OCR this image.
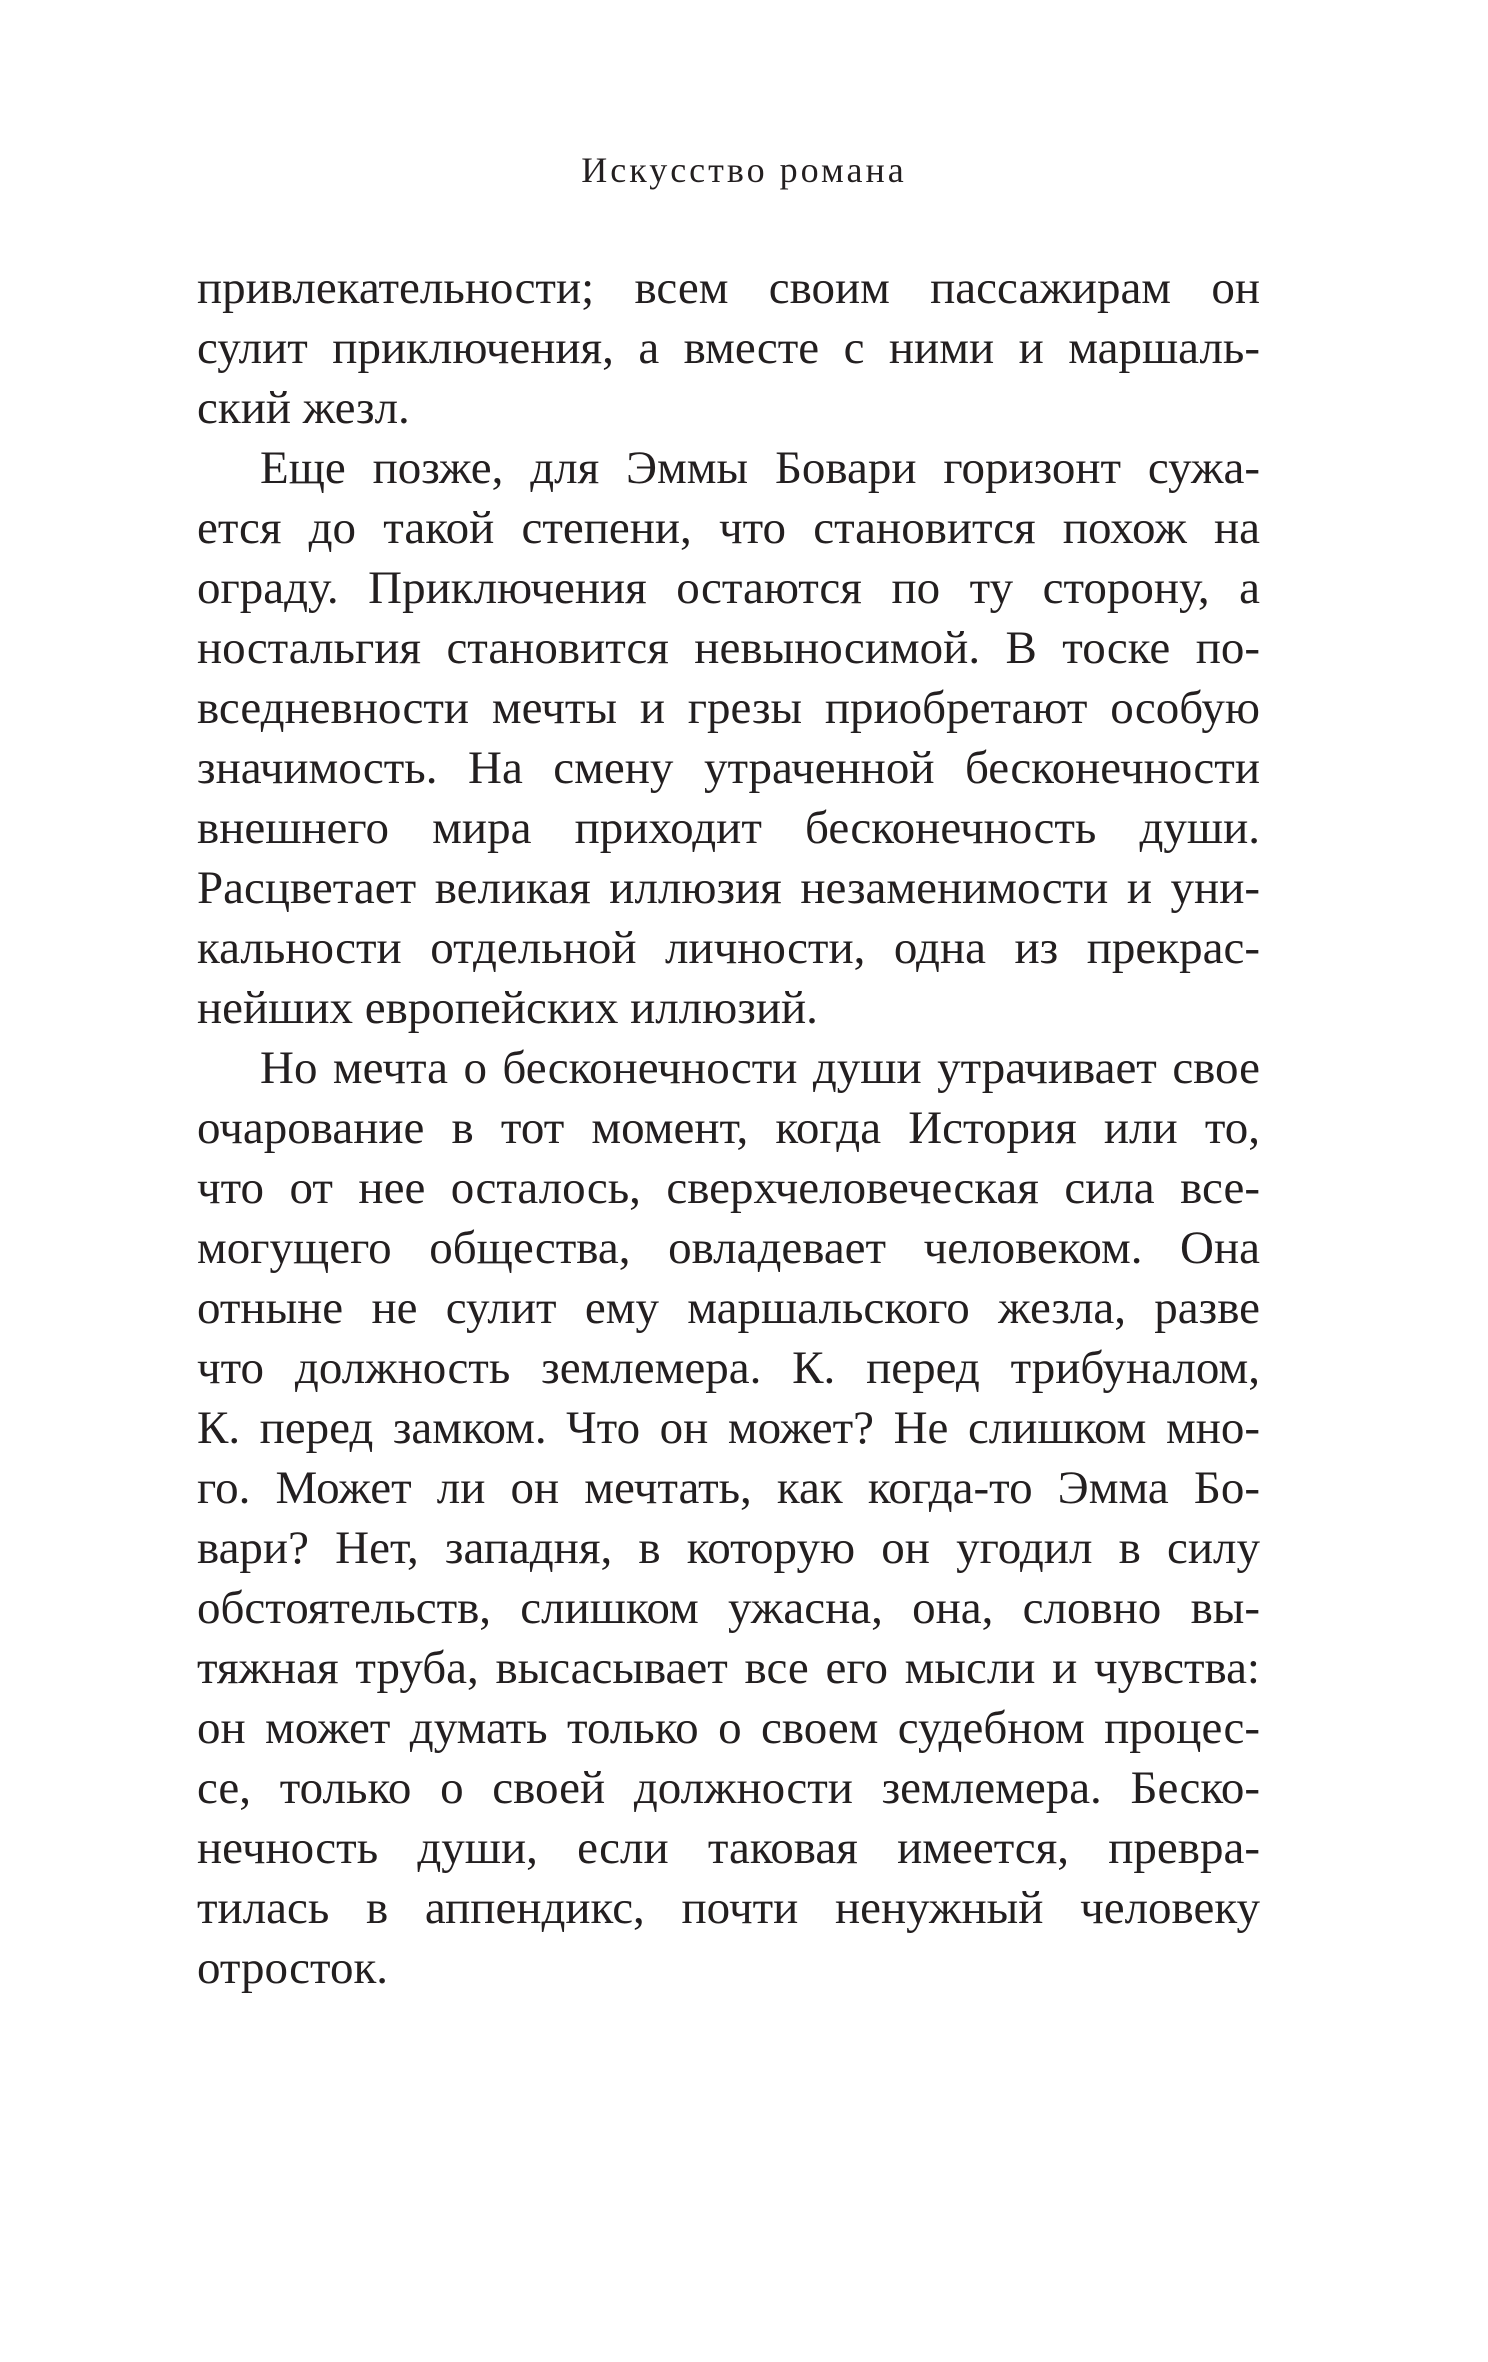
Искусство романа
привлекательности; всем своим пассажирам он
сулит приключения, а вместе с ними и маршаль-
ский жезл.
Еще позже, для Эммы Бовари горизонт сужа-
ется до такой степени, что становится похож на
ограду. Приключения остаются по ту сторону, а
ностальгия становится невыносимой. В тоске по-
вседневности мечты и грезы приобретают особую
значимость. На смену утраченной бесконечности
внешнего мира приходит бесконечность души.
Расцветает великая иллюзия незаменимости и уни-
кальности отдельной личности, одна из прекрас-
нейших европейских иллюзий.
Но мечта о бесконечности души утрачивает свое
очарование в тот момент, когда История или то,
что от нее осталось, сверхчеловеческая сила все-
могущего общества, овладевает человеком. Она
отныне не сулит ему маршальского жезла, разве
что должность землемера. К. перед трибуналом,
К. перед замком. Что он может? Не слишком мно-
го. Может ли он мечтать, как когда-то Эмма Бо-
вари? Нет, западня, в которую он угодил в силу
обстоятельств, слишком ужасна, она, словно вы-
тяжная труба, высасывает все его мысли и чувства:
он может думать только о своем судебном процес-
се, только о своей должности землемера. Беско-
нечность души, если таковая имеется, превра-
тилась в аппендикс, почти ненужный человеку
отросток.
